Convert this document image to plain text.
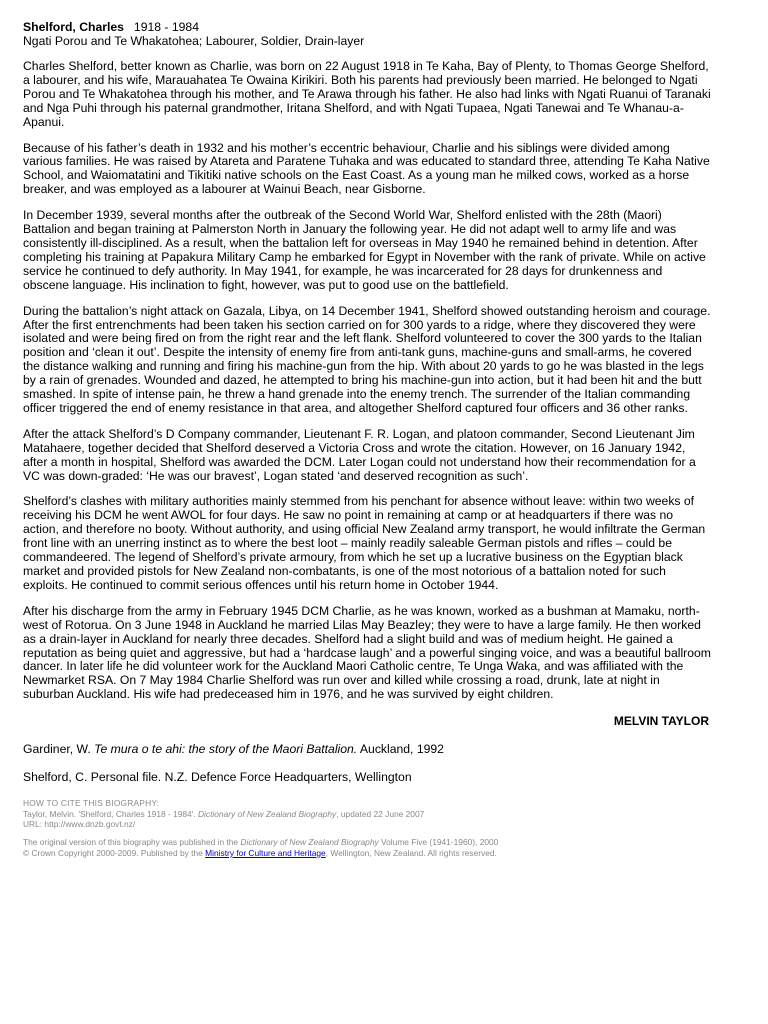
Shelford, Charles 1918 - 1984
Ngati Porou and Te Whakatohea; Labourer, Soldier, Drain-layer

Charles Shelford, better known as Charlie, was born on 22 August 1918 in Te Kaha, Bay of Plenty, to Thomas George Shelford, a labourer, and his wife, Marauahatea Te Owaina Kirikiri. Both his parents had previously been married. He belonged to Ngati Porou and Te Whakatohea through his mother, and Te Arawa through his father. He also had links with Ngati Ruanui of Taranaki and Nga Puhi through his paternal grandmother, Iritana Shelford, and with Ngati Tupaea, Ngati Tanewai and Te Whanau-a-Apanui.

Because of his father’s death in 1932 and his mother’s eccentric behaviour, Charlie and his siblings were divided among various families. He was raised by Atareta and Paratene Tuhaka and was educated to standard three, attending Te Kaha Native School, and Waiomatatini and Tikitiki native schools on the East Coast. As a young man he milked cows, worked as a horse breaker, and was employed as a labourer at Wainui Beach, near Gisborne.

In December 1939, several months after the outbreak of the Second World War, Shelford enlisted with the 28th (Maori) Battalion and began training at Palmerston North in January the following year. He did not adapt well to army life and was consistently ill-disciplined. As a result, when the battalion left for overseas in May 1940 he remained behind in detention. After completing his training at Papakura Military Camp he embarked for Egypt in November with the rank of private. While on active service he continued to defy authority. In May 1941, for example, he was incarcerated for 28 days for drunkenness and obscene language. His inclination to fight, however, was put to good use on the battlefield.

During the battalion’s night attack on Gazala, Libya, on 14 December 1941, Shelford showed outstanding heroism and courage. After the first entrenchments had been taken his section carried on for 300 yards to a ridge, where they discovered they were isolated and were being fired on from the right rear and the left flank. Shelford volunteered to cover the 300 yards to the Italian position and ‘clean it out’. Despite the intensity of enemy fire from anti-tank guns, machine-guns and small-arms, he covered the distance walking and running and firing his machine-gun from the hip. With about 20 yards to go he was blasted in the legs by a rain of grenades. Wounded and dazed, he attempted to bring his machine-gun into action, but it had been hit and the butt smashed. In spite of intense pain, he threw a hand grenade into the enemy trench. The surrender of the Italian commanding officer triggered the end of enemy resistance in that area, and altogether Shelford captured four officers and 36 other ranks.

After the attack Shelford’s D Company commander, Lieutenant F. R. Logan, and platoon commander, Second Lieutenant Jim Matahaere, together decided that Shelford deserved a Victoria Cross and wrote the citation. However, on 16 January 1942, after a month in hospital, Shelford was awarded the DCM. Later Logan could not understand how their recommendation for a VC was down-graded: ‘He was our bravest’, Logan stated ‘and deserved recognition as such’.

Shelford’s clashes with military authorities mainly stemmed from his penchant for absence without leave: within two weeks of receiving his DCM he went AWOL for four days. He saw no point in remaining at camp or at headquarters if there was no action, and therefore no booty. Without authority, and using official New Zealand army transport, he would infiltrate the German front line with an unerring instinct as to where the best loot – mainly readily saleable German pistols and rifles – could be commandeered. The legend of Shelford’s private armoury, from which he set up a lucrative business on the Egyptian black market and provided pistols for New Zealand non-combatants, is one of the most notorious of a battalion noted for such exploits. He continued to commit serious offences until his return home in October 1944.

After his discharge from the army in February 1945 DCM Charlie, as he was known, worked as a bushman at Mamaku, north-west of Rotorua. On 3 June 1948 in Auckland he married Lilas May Beazley; they were to have a large family. He then worked as a drain-layer in Auckland for nearly three decades. Shelford had a slight build and was of medium height. He gained a reputation as being quiet and aggressive, but had a ‘hardcase laugh’ and a powerful singing voice, and was a beautiful ballroom dancer. In later life he did volunteer work for the Auckland Maori Catholic centre, Te Unga Waka, and was affiliated with the Newmarket RSA. On 7 May 1984 Charlie Shelford was run over and killed while crossing a road, drunk, late at night in suburban Auckland. His wife had predeceased him in 1976, and he was survived by eight children.

MELVIN TAYLOR

Gardiner, W. Te mura o te ahi: the story of the Maori Battalion. Auckland, 1992

Shelford, C. Personal file. N.Z. Defence Force Headquarters, Wellington

HOW TO CITE THIS BIOGRAPHY:
Taylor, Melvin. 'Shelford, Charles 1918 - 1984'. Dictionary of New Zealand Biography, updated 22 June 2007
URL: http://www.dnzb.govt.nz/
The original version of this biography was published in the Dictionary of New Zealand Biography Volume Five (1941-1960), 2000
© Crown Copyright 2000-2009. Published by the Ministry for Culture and Heritage, Wellington, New Zealand. All rights reserved.
